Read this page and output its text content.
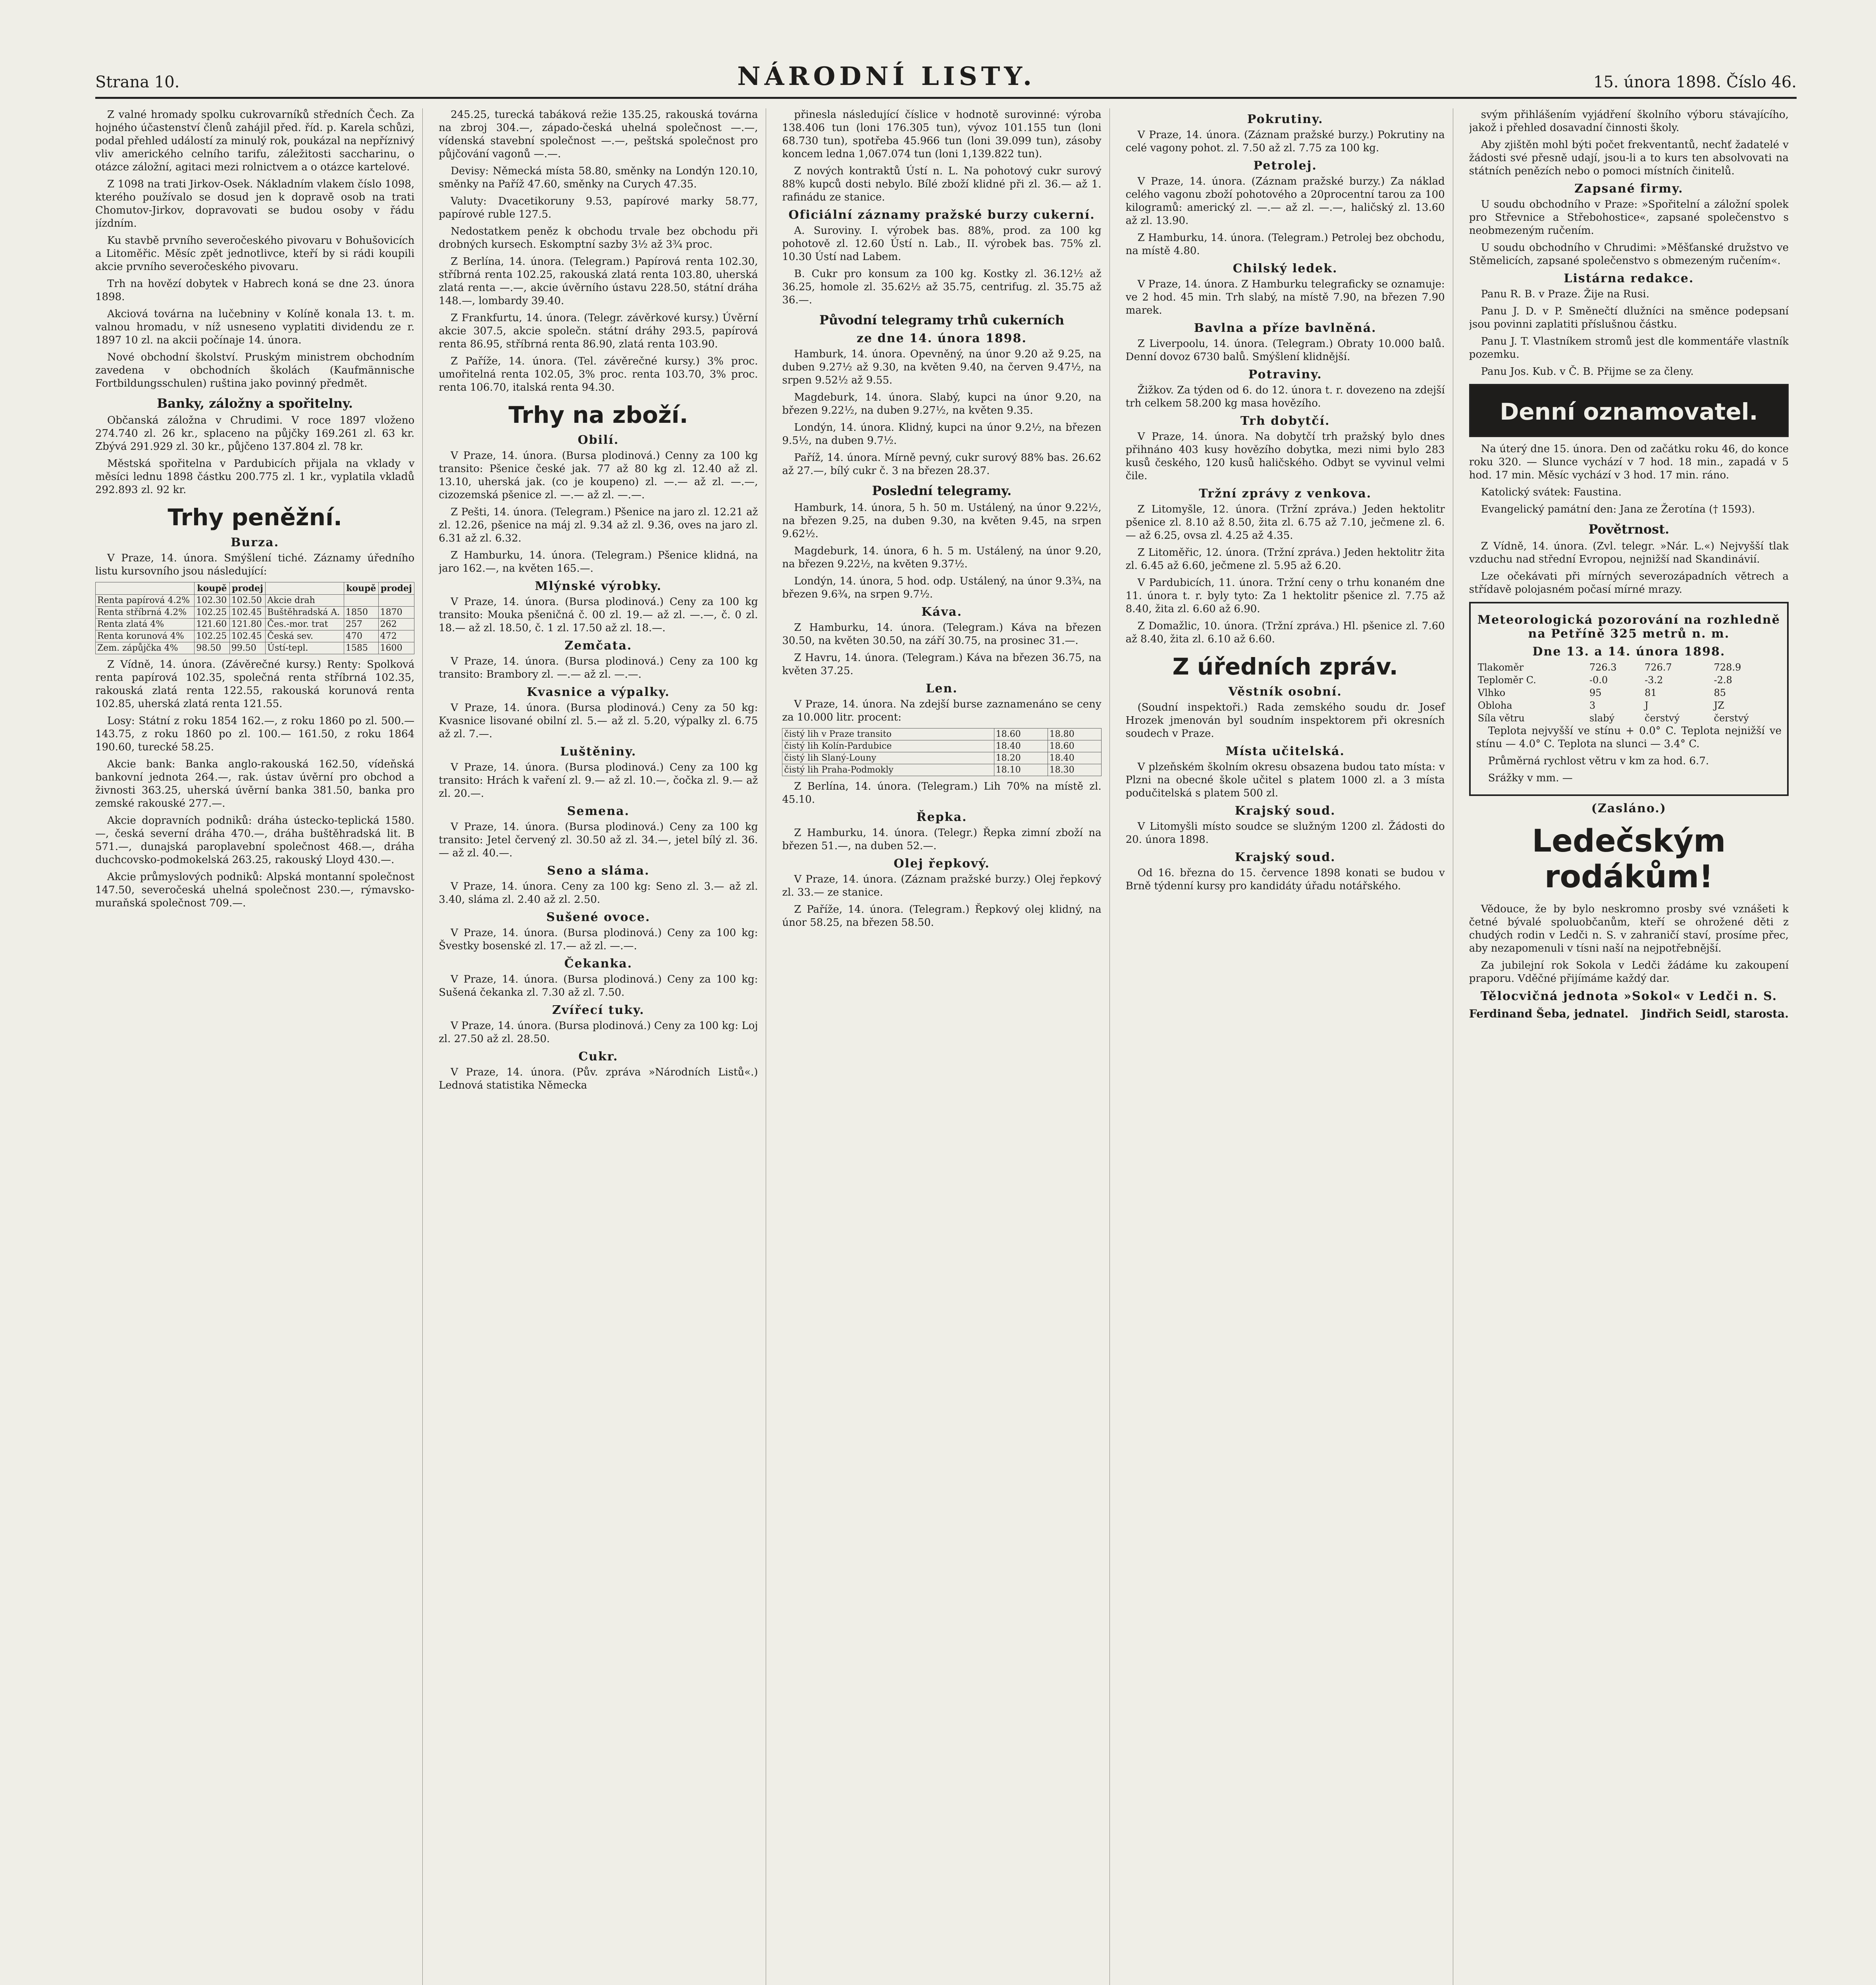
Strana 10.	NÁRODNÍ LISTY.	15. února 1898. Číslo 46.

Z valné hromady spolku cukrovarníků středních Čech. Za hojného účastenství členů zahájil před. říd. p. Karela schůzi, podal přehled událostí za minulý rok, poukázal na nepříznivý vliv amerického celního tarifu, záležitosti saccharinu, o otázce záložní, agitaci mezi rolnictvem a o otázce kartelové.

Z 1098 na trati Jirkov-Osek. Nákladním vlakem číslo 1098, kterého používalo se dosud jen k dopravě osob na trati Chomutov-Jirkov, dopravovati se budou osoby v řádu jízdním.

Ku stavbě prvního severočeského pivovaru v Bohušovicích a Litoměřic. Měsíc zpět jednotlivce, kteří by si rádi koupili akcie prvního severočeského pivovaru.

Trh na hovězí dobytek v Habrech koná se dne 23. února 1898.

Akciová továrna na lučebniny v Kolíně konala 13. t. m. valnou hromadu, v níž usneseno vyplatiti dividendu ze r. 1897 10 zl. na akcii počínaje 14. února.

Nové obchodní školství. Pruským ministrem obchodním zavedena v obchodních školách (Kaufmännische Fortbildungsschulen) ruština jako povinný předmět.

Banky, záložny a spořitelny.

Občanská záložna v Chrudimi. V roce 1897 vloženo 274.740 zl. 26 kr., splaceno na půjčky 169.261 zl. 63 kr. Zbývá 291.929 zl. 30 kr., půjčeno 137.804 zl. 78 kr.

Městská spořitelna v Pardubicích přijala na vklady v měsíci lednu 1898 částku 200.775 zl. 1 kr., vyplatila vkladů 292.893 zl. 92 kr.

Trhy peněžní.
Burza.

V Praze, 14. února. Smýšlení tiché. Záznamy úředního listu kursovního jsou následující:

	koupě	prodej		koupě	prodej
Renta papírová 4.2%	102.30	102.50	Akcie drah		
Renta stříbrná 4.2%	102.25	102.45	Buštěhradská A.	1850	1870
Renta zlatá 4%	121.60	121.80	Čes.-mor. trat	257	262
Renta korunová 4%	102.25	102.45	Česká sev.	470	472
Zem. zápůjčka 4%	98.50	99.50	Ústí-tepl.	1585	1600

Z Vídně, 14. února. (Závěrečné kursy.) Renty: Spolková renta papírová 102.35, společná renta stříbrná 102.35, rakouská zlatá renta 122.55, rakouská korunová renta 102.85, uherská zlatá renta 121.55.

Losy: Státní z roku 1854 162.—, z roku 1860 po zl. 500.— 143.75, z roku 1860 po zl. 100.— 161.50, z roku 1864 190.60, turecké 58.25.

Akcie bank: Banka anglo-rakouská 162.50, vídeňská bankovní jednota 264.—, rak. ústav úvěrní pro obchod a živnosti 363.25, uherská úvěrní banka 381.50, banka pro zemské rakouské 277.—.

Akcie dopravních podniků: dráha ústecko-teplická 1580.—, česká severní dráha 470.—, dráha buštěhradská lit. B 571.—, dunajská paroplavební společnost 468.—, dráha duchcovsko-podmokelská 263.25, rakouský Lloyd 430.—.

Akcie průmyslových podniků: Alpská montanní společnost 147.50, severočeská uhelná společnost 230.—, rýmavsko-muraňská společnost 709.—.

245.25, turecká tabáková režie 135.25, rakouská továrna na zbroj 304.—, západo-česká uhelná společnost —.—, vídenská stavební společnost —.—, peštská společnost pro půjčování vagonů —.—.

Devisy: Německá místa 58.80, směnky na Londýn 120.10, směnky na Paříž 47.60, směnky na Curych 47.35.

Valuty: Dvacetikoruny 9.53, papírové marky 58.77, papírové ruble 127.5.

Nedostatkem peněz k obchodu trvale bez obchodu při drobných kursech. Eskomptní sazby 3½ až 3¾ proc.

Z Berlína, 14. února. (Telegram.) Papírová renta 102.30, stříbrná renta 102.25, rakouská zlatá renta 103.80, uherská zlatá renta —.—, akcie úvěrního ústavu 228.50, státní dráha 148.—, lombardy 39.40.

Z Frankfurtu, 14. února. (Telegr. závěrkové kursy.) Úvěrní akcie 307.5, akcie společn. státní dráhy 293.5, papírová renta 86.95, stříbrná renta 86.90, zlatá renta 103.90.

Z Paříže, 14. února. (Tel. závěrečné kursy.) 3% proc. umořitelná renta 102.05, 3% proc. renta 103.70, 3% proc. renta 106.70, italská renta 94.30.

Trhy na zboží.
Obilí.

V Praze, 14. února. (Bursa plodinová.) Cenny za 100 kg transito: Pšenice české jak. 77 až 80 kg zl. 12.40 až zl. 13.10, uherská jak. (co je koupeno) zl. —.— až zl. —.—, cizozemská pšenice zl. —.— až zl. —.—.

Z Pešti, 14. února. (Telegram.) Pšenice na jaro zl. 12.21 až zl. 12.26, pšenice na máj zl. 9.34 až zl. 9.36, oves na jaro zl. 6.31 až zl. 6.32.

Z Hamburku, 14. února. (Telegram.) Pšenice klidná, na jaro 162.—, na květen 165.—.

Mlýnské výrobky.

V Praze, 14. února. (Bursa plodinová.) Ceny za 100 kg transito: Mouka pšeničná č. 00 zl. 19.— až zl. —.—, č. 0 zl. 18.— až zl. 18.50, č. 1 zl. 17.50 až zl. 18.—.

Zemčata.

V Praze, 14. února. (Bursa plodinová.) Ceny za 100 kg transito: Brambory zl. —.— až zl. —.—.

Kvasnice a výpalky.

V Praze, 14. února. (Bursa plodinová.) Ceny za 50 kg: Kvasnice lisované obilní zl. 5.— až zl. 5.20, výpalky zl. 6.75 až zl. 7.—.

Luštěniny.

V Praze, 14. února. (Bursa plodinová.) Ceny za 100 kg transito: Hrách k vaření zl. 9.— až zl. 10.—, čočka zl. 9.— až zl. 20.—.

Semena.

V Praze, 14. února. (Bursa plodinová.) Ceny za 100 kg transito: Jetel červený zl. 30.50 až zl. 34.—, jetel bílý zl. 36.— až zl. 40.—.

Seno a sláma.

V Praze, 14. února. Ceny za 100 kg: Seno zl. 3.— až zl. 3.40, sláma zl. 2.40 až zl. 2.50.

Sušené ovoce.

V Praze, 14. února. (Bursa plodinová.) Ceny za 100 kg: Švestky bosenské zl. 17.— až zl. —.—.

Čekanka.

V Praze, 14. února. (Bursa plodinová.) Ceny za 100 kg: Sušená čekanka zl. 7.30 až zl. 7.50.

Zvířecí tuky.

V Praze, 14. února. (Bursa plodinová.) Ceny za 100 kg: Loj zl. 27.50 až zl. 28.50.

Cukr.

V Praze, 14. února. (Pův. zpráva »Národních Listů«.) Lednová statistika Německa

přinesla následující číslice v hodnotě surovinné: výroba 138.406 tun (loni 176.305 tun), vývoz 101.155 tun (loni 68.730 tun), spotřeba 45.966 tun (loni 39.099 tun), zásoby koncem ledna 1,067.074 tun (loni 1,139.822 tun).

Z nových kontraktů Ústí n. L. Na pohotový cukr surový 88% kupců dosti nebylo. Bílé zboží klidné při zl. 36.— až 1. rafinádu ze stanice.

Oficiální záznamy pražské burzy cukerní.

A. Suroviny. I. výrobek bas. 88%, prod. za 100 kg pohotově zl. 12.60 Ústí n. Lab., II. výrobek bas. 75% zl. 10.30 Ústí nad Labem.

B. Cukr pro konsum za 100 kg. Kostky zl. 36.12½ až 36.25, homole zl. 35.62½ až 35.75, centrifug. zl. 35.75 až 36.—.

Původní telegramy trhů cukerních
ze dne 14. února 1898.

Hamburk, 14. února. Opevněný, na únor 9.20 až 9.25, na duben 9.27½ až 9.30, na květen 9.40, na červen 9.47½, na srpen 9.52½ až 9.55.

Magdeburk, 14. února. Slabý, kupci na únor 9.20, na březen 9.22½, na duben 9.27½, na květen 9.35.

Londýn, 14. února. Klidný, kupci na únor 9.2½, na březen 9.5½, na duben 9.7½.

Paříž, 14. února. Mírně pevný, cukr surový 88% bas. 26.62 až 27.—, bílý cukr č. 3 na březen 28.37.

Poslední telegramy.

Hamburk, 14. února, 5 h. 50 m. Ustálený, na únor 9.22½, na březen 9.25, na duben 9.30, na květen 9.45, na srpen 9.62½.

Magdeburk, 14. února, 6 h. 5 m. Ustálený, na únor 9.20, na březen 9.22½, na květen 9.37½.

Londýn, 14. února, 5 hod. odp. Ustálený, na únor 9.3¾, na březen 9.6¾, na srpen 9.7½.

Káva.

Z Hamburku, 14. února. (Telegram.) Káva na březen 30.50, na květen 30.50, na září 30.75, na prosinec 31.—.

Z Havru, 14. února. (Telegram.) Káva na březen 36.75, na květen 37.25.

Len.

V Praze, 14. února. Na zdejší burse zaznamenáno se ceny za 10.000 litr. procent:

čistý lih v Praze transito	18.60	18.80
čistý lih Kolín-Pardubice	18.40	18.60
čistý lih Slaný-Louny	18.20	18.40
čistý lih Praha-Podmokly	18.10	18.30

Z Berlína, 14. února. (Telegram.) Lih 70% na místě zl. 45.10.

Řepka.

Z Hamburku, 14. února. (Telegr.) Řepka zimní zboží na březen 51.—, na duben 52.—.

Olej řepkový.

V Praze, 14. února. (Záznam pražské burzy.) Olej řepkový zl. 33.— ze stanice.

Z Paříže, 14. února. (Telegram.) Řepkový olej klidný, na únor 58.25, na březen 58.50.

Pokrutiny.

V Praze, 14. února. (Záznam pražské burzy.) Pokrutiny na celé vagony pohot. zl. 7.50 až zl. 7.75 za 100 kg.

Petrolej.

V Praze, 14. února. (Záznam pražské burzy.) Za náklad celého vagonu zboží pohotového a 20procentní tarou za 100 kilogramů: americký zl. —.— až zl. —.—, haličský zl. 13.60 až zl. 13.90.

Z Hamburku, 14. února. (Telegram.) Petrolej bez obchodu, na místě 4.80.

Chilský ledek.

V Praze, 14. února. Z Hamburku telegraficky se oznamuje: ve 2 hod. 45 min. Trh slabý, na místě 7.90, na březen 7.90 marek.

Bavlna a příze bavlněná.

Z Liverpoolu, 14. února. (Telegram.) Obraty 10.000 balů. Denní dovoz 6730 balů. Smýšlení klidnější.

Potraviny.

Žižkov. Za týden od 6. do 12. února t. r. dovezeno na zdejší trh celkem 58.200 kg masa hovězího.

Trh dobytčí.

V Praze, 14. února. Na dobytčí trh pražský bylo dnes přihnáno 403 kusy hovězího dobytka, mezi nimi bylo 283 kusů českého, 120 kusů haličského. Odbyt se vyvinul velmi čile.

Tržní zprávy z venkova.

Z Litomyšle, 12. února. (Tržní zpráva.) Jeden hektolitr pšenice zl. 8.10 až 8.50, žita zl. 6.75 až 7.10, ječmene zl. 6.— až 6.25, ovsa zl. 4.25 až 4.35.

Z Litoměřic, 12. února. (Tržní zpráva.) Jeden hektolitr žita zl. 6.45 až 6.60, ječmene zl. 5.95 až 6.20.

V Pardubicích, 11. února. Tržní ceny o trhu konaném dne 11. února t. r. byly tyto: Za 1 hektolitr pšenice zl. 7.75 až 8.40, žita zl. 6.60 až 6.90.

Z Domažlic, 10. února. (Tržní zpráva.) Hl. pšenice zl. 7.60 až 8.40, žita zl. 6.10 až 6.60.

Z úředních zpráv.
Věstník osobní.

(Soudní inspektoři.) Rada zemského soudu dr. Josef Hrozek jmenován byl soudním inspektorem při okresních soudech v Praze.

Místa učitelská.

V plzeňském školním okresu obsazena budou tato místa: v Plzni na obecné škole učitel s platem 1000 zl. a 3 místa podučitelská s platem 500 zl.

Krajský soud.

V Litomyšli místo soudce se služným 1200 zl. Žádosti do 20. února 1898.

Krajský soud.

Od 16. března do 15. července 1898 konati se budou v Brně týdenní kursy pro kandidáty úřadu notářského.

svým přihlášením vyjádření školního výboru stávajícího, jakož i přehled dosavadní činnosti školy.

Aby zjištěn mohl býti počet frekventantů, nechť žadatelé v žádosti své přesně udají, jsou-li a to kurs ten absolvovati na státních penězích nebo o pomoci místních činitelů.

Zapsané firmy.

U soudu obchodního v Praze: »Spořitelní a záložní spolek pro Střevnice a Střebohostice«, zapsané společenstvo s neobmezeným ručením.

U soudu obchodního v Chrudimi: »Měšťanské družstvo ve Stěmelicích, zapsané společenstvo s obmezeným ručením«.

Listárna redakce.

Panu R. B. v Praze. Žije na Rusi.

Panu J. D. v P. Směnečtí dlužníci na směnce podepsaní jsou povinni zaplatiti příslušnou částku.

Panu J. T. Vlastníkem stromů jest dle kommentáře vlastník pozemku.

Panu Jos. Kub. v Č. B. Přijme se za členy.

Denní oznamovatel.

Na úterý dne 15. února. Den od začátku roku 46, do konce roku 320. — Slunce vychází v 7 hod. 18 min., zapadá v 5 hod. 17 min. Měsíc vychází v 3 hod. 17 min. ráno.

Katolický svátek: Faustina.

Evangelický památní den: Jana ze Žerotína († 1593).

Povětrnost.

Z Vídně, 14. února. (Zvl. telegr. »Nár. L.«) Nejvyšší tlak vzduchu nad střední Evropou, nejnižší nad Skandinávií.

Lze očekávati při mírných severozápadních větrech a střídavě polojasném počasí mírné mrazy.

Meteorologická pozorování na rozhledně na Petříně 325 metrů n. m.
Dne 13. a 14. února 1898.
Tlakoměr	726.3	726.7	728.9
Teploměr C.	-0.0	-3.2	-2.8
Vlhko	95	81	85
Obloha	3	J	JZ
Síla větru	slabý	čerstvý	čerstvý

Teplota nejvyšší ve stínu + 0.0° C. Teplota nejnižší ve stínu — 4.0° C. Teplota na slunci — 3.4° C.

Průměrná rychlost větru v km za hod. 6.7.

Srážky v mm. —

(Zasláno.)
Ledečským rodákům!

Vědouce, že by bylo neskromno prosby své vznášeti k četné bývalé spoluobčanům, kteří se ohrožené děti z chudých rodin v Ledči n. S. v zahraničí staví, prosíme přec, aby nezapomenuli v tísni naší na nejpotřebnější.

Za jubilejní rok Sokola v Ledči žádáme ku zakoupení praporu. Vděčné přijímáme každý dar.

Tělocvičná jednota »Sokol« v Ledči n. S.
Ferdinand Šeba, jednatel. Jindřich Seidl, starosta.
